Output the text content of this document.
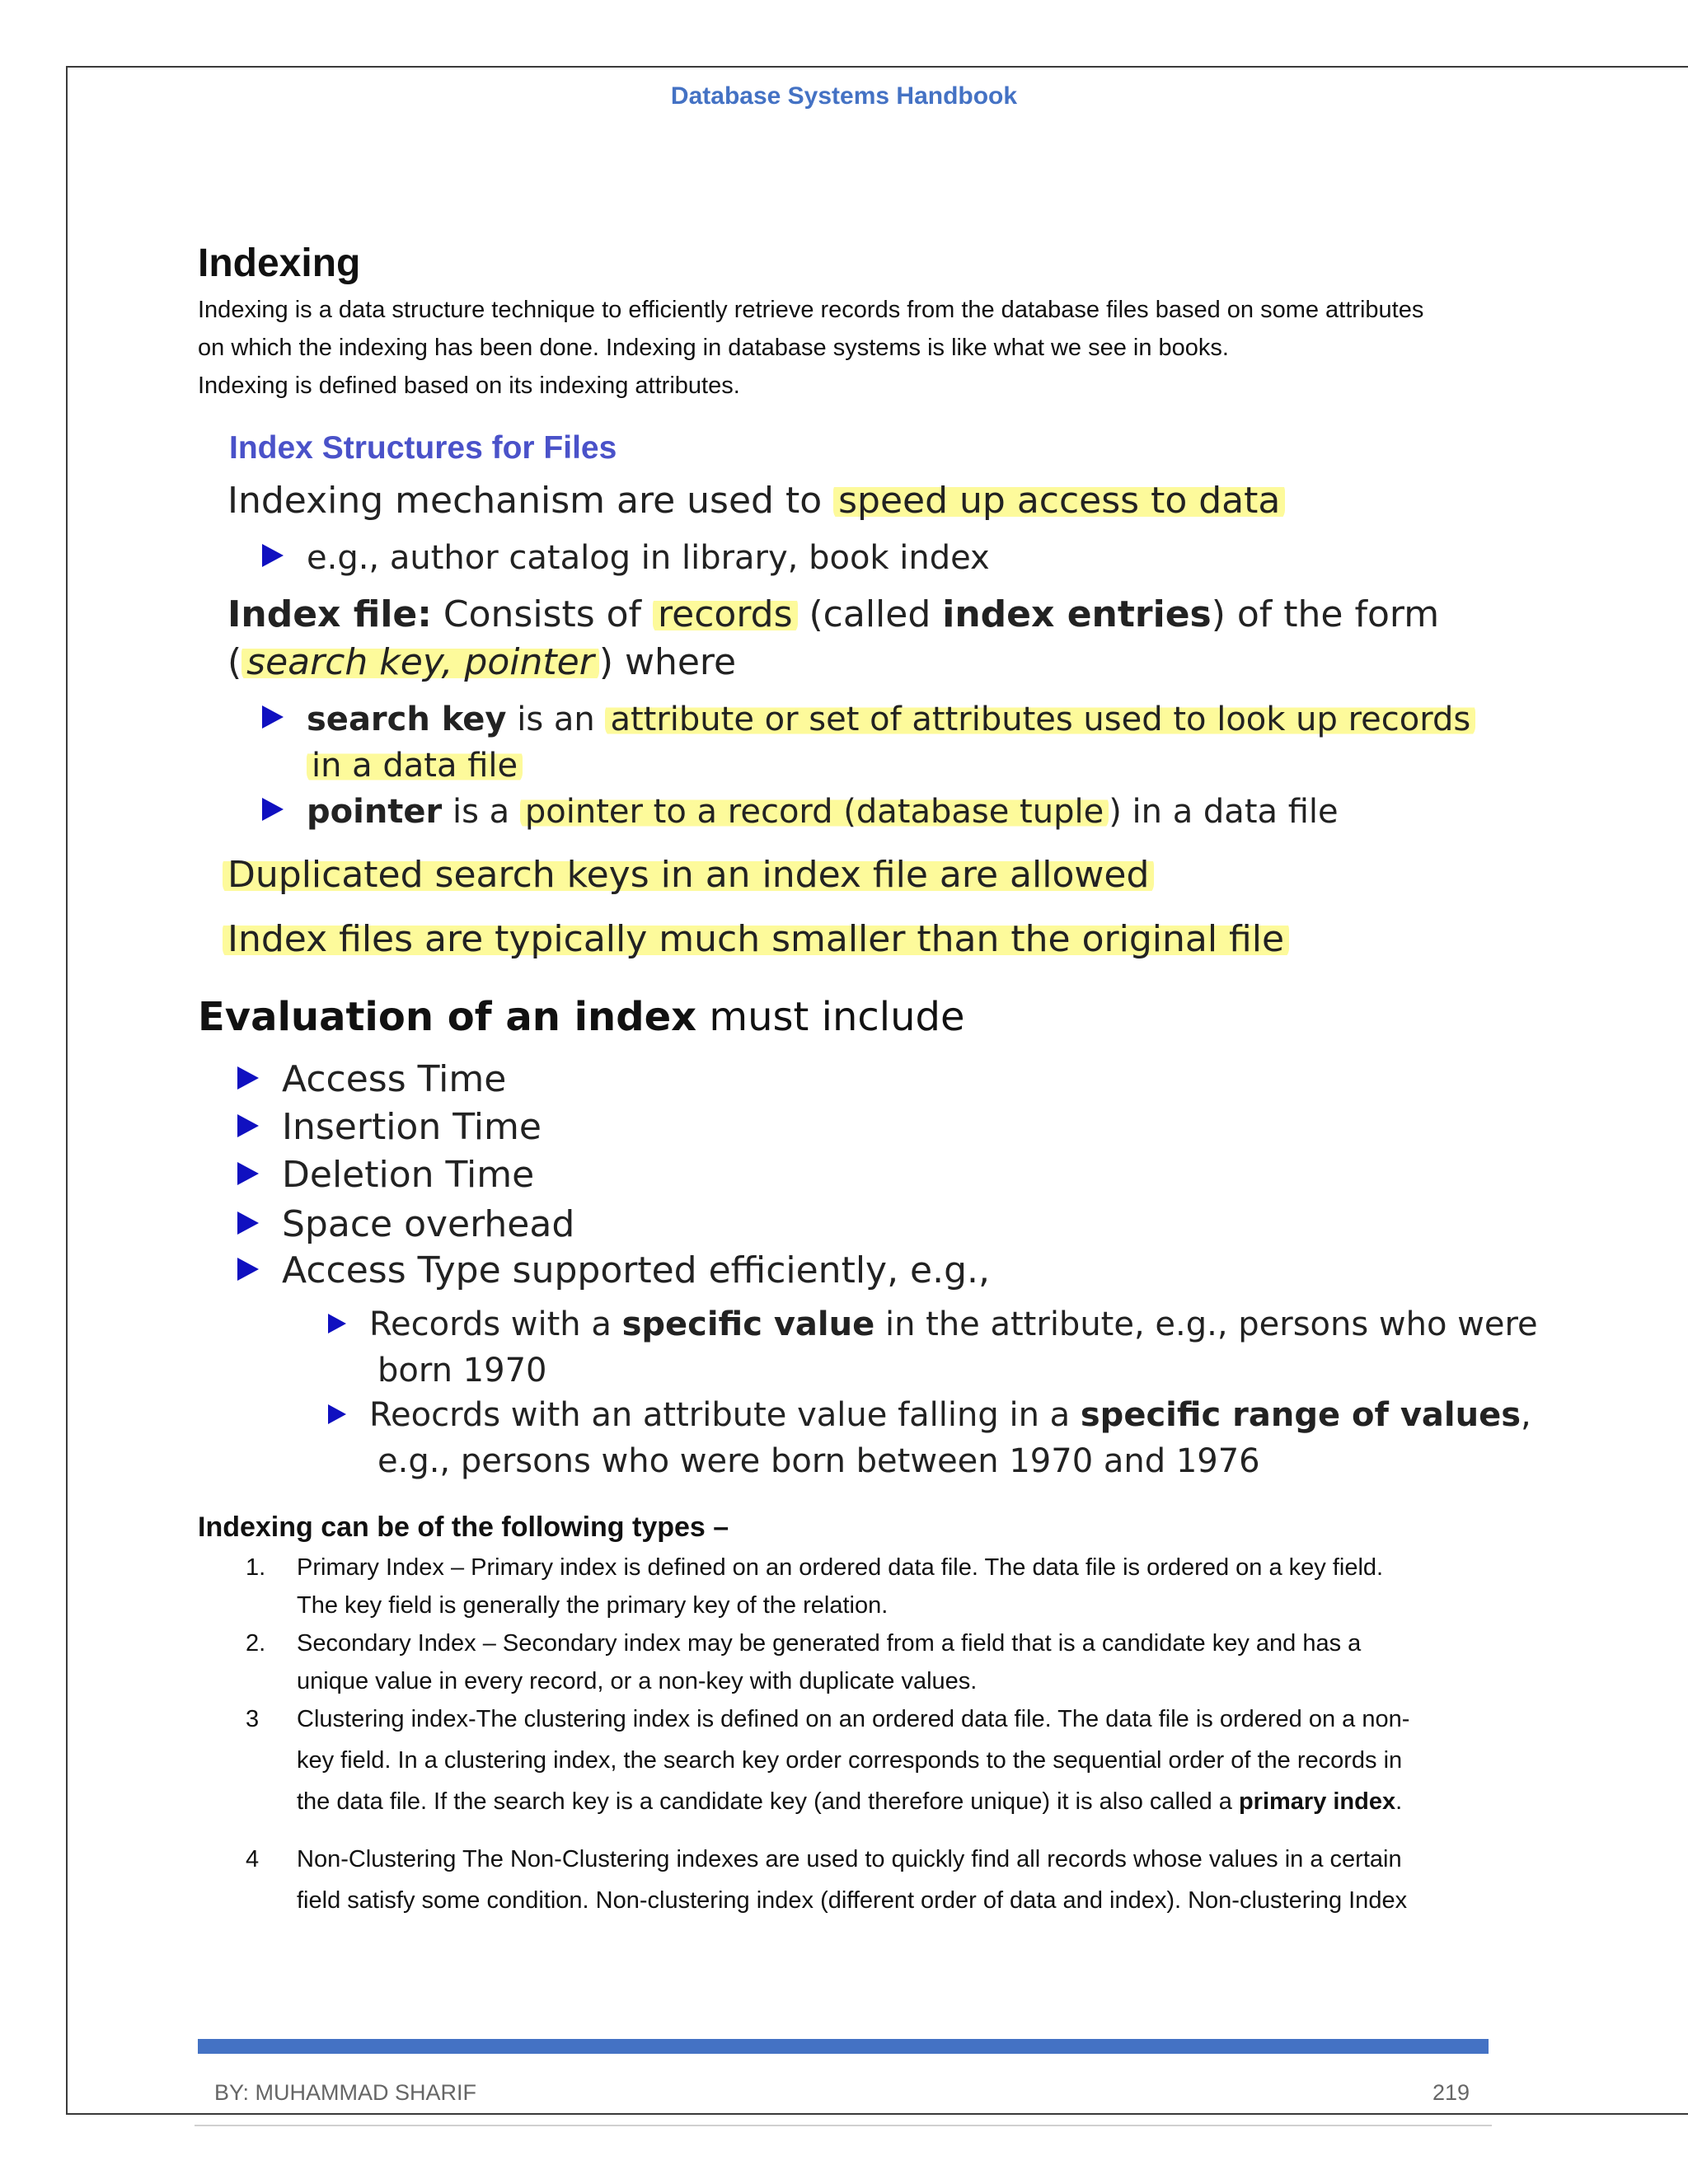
Database Systems Handbook
Indexing
Indexing is a data structure technique to efficiently retrieve records from the database files based on some attributes
on which the indexing has been done. Indexing in database systems is like what we see in books.
Indexing is defined based on its indexing attributes.
Index Structures for Files
Indexing mechanism are used to speed up access to data
e.g., author catalog in library, book index
Index file: Consists of records (called index entries) of the form
( search key, pointer ) where
search key is an attribute or set of attributes used to look up records
in a data file
pointer is a pointer to a record (database tuple ) in a data file
Duplicated search keys in an index file are allowed
Index files are typically much smaller than the original file
Evaluation of an index must include
Access Time
Insertion Time
Deletion Time
Space overhead
Access Type supported efficiently, e.g.,
Records with a specific value in the attribute, e.g., persons who were
born 1970
Reocrds with an attribute value falling in a specific range of values,
e.g., persons who were born between 1970 and 1976
Indexing can be of the following types –
1. Primary Index – Primary index is defined on an ordered data file. The data file is ordered on a key field.
The key field is generally the primary key of the relation.
2. Secondary Index – Secondary index may be generated from a field that is a candidate key and has a
unique value in every record, or a non-key with duplicate values.
3 Clustering index-The clustering index is defined on an ordered data file. The data file is ordered on a non-
key field. In a clustering index, the search key order corresponds to the sequential order of the records in
the data file. If the search key is a candidate key (and therefore unique) it is also called a primary index.
4 Non-Clustering The Non-Clustering indexes are used to quickly find all records whose values in a certain
field satisfy some condition. Non-clustering index (different order of data and index). Non-clustering Index
BY: MUHAMMAD SHARIF	219
